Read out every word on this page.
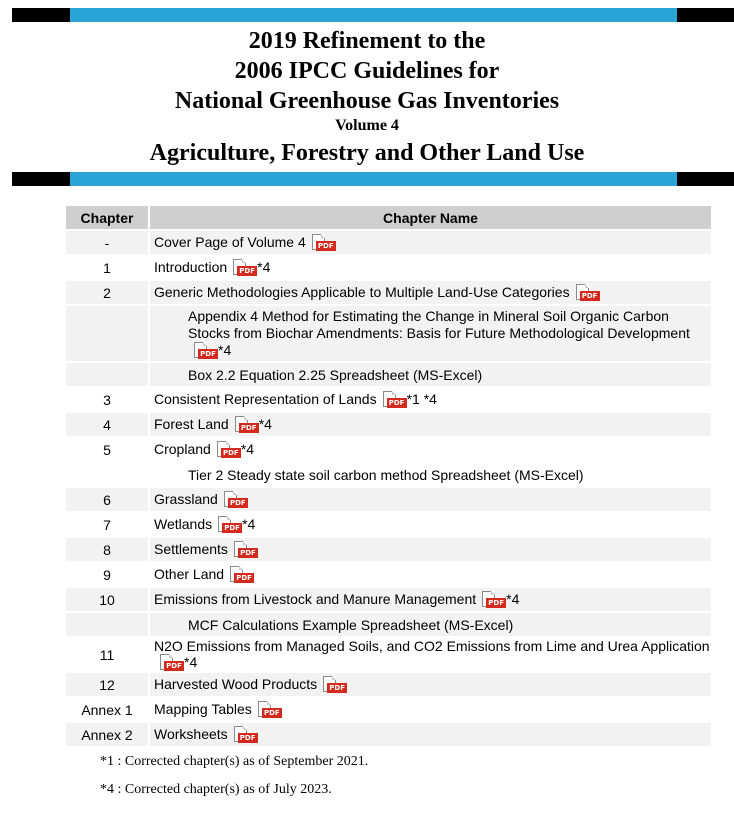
2019 Refinement to the
2006 IPCC Guidelines for
National Greenhouse Gas Inventories
Volume 4
Agriculture, Forestry and Other Land Use
Chapter	Chapter Name
-	Cover Page of Volume 4 PDF

1	Introduction PDF *4
2	Generic Methodologies Applicable to Multiple Land-Use Categories PDF

	Appendix 4 Method for Estimating the Change in Mineral Soil Organic Carbon Stocks from Biochar Amendments: Basis for Future Methodological Development
PDF *4
	Box 2.2 Equation 2.25 Spreadsheet (MS-Excel)
3	Consistent Representation of Lands PDF *1 *4
4	Forest Land PDF *4
5	Cropland PDF *4
	Tier 2 Steady state soil carbon method Spreadsheet (MS-Excel)
6	Grassland PDF

7	Wetlands PDF *4
8	Settlements PDF

9	Other Land PDF

10	Emissions from Livestock and Manure Management PDF *4
	MCF Calculations Example Spreadsheet (MS-Excel)
11	N2O Emissions from Managed Soils, and CO2 Emissions from Lime and Urea Application
PDF *4
12	Harvested Wood Products PDF

Annex 1	Mapping Tables PDF

Annex 2	Worksheets PDF
*1 : Corrected chapter(s) as of September 2021.
*4 : Corrected chapter(s) as of July 2023.
